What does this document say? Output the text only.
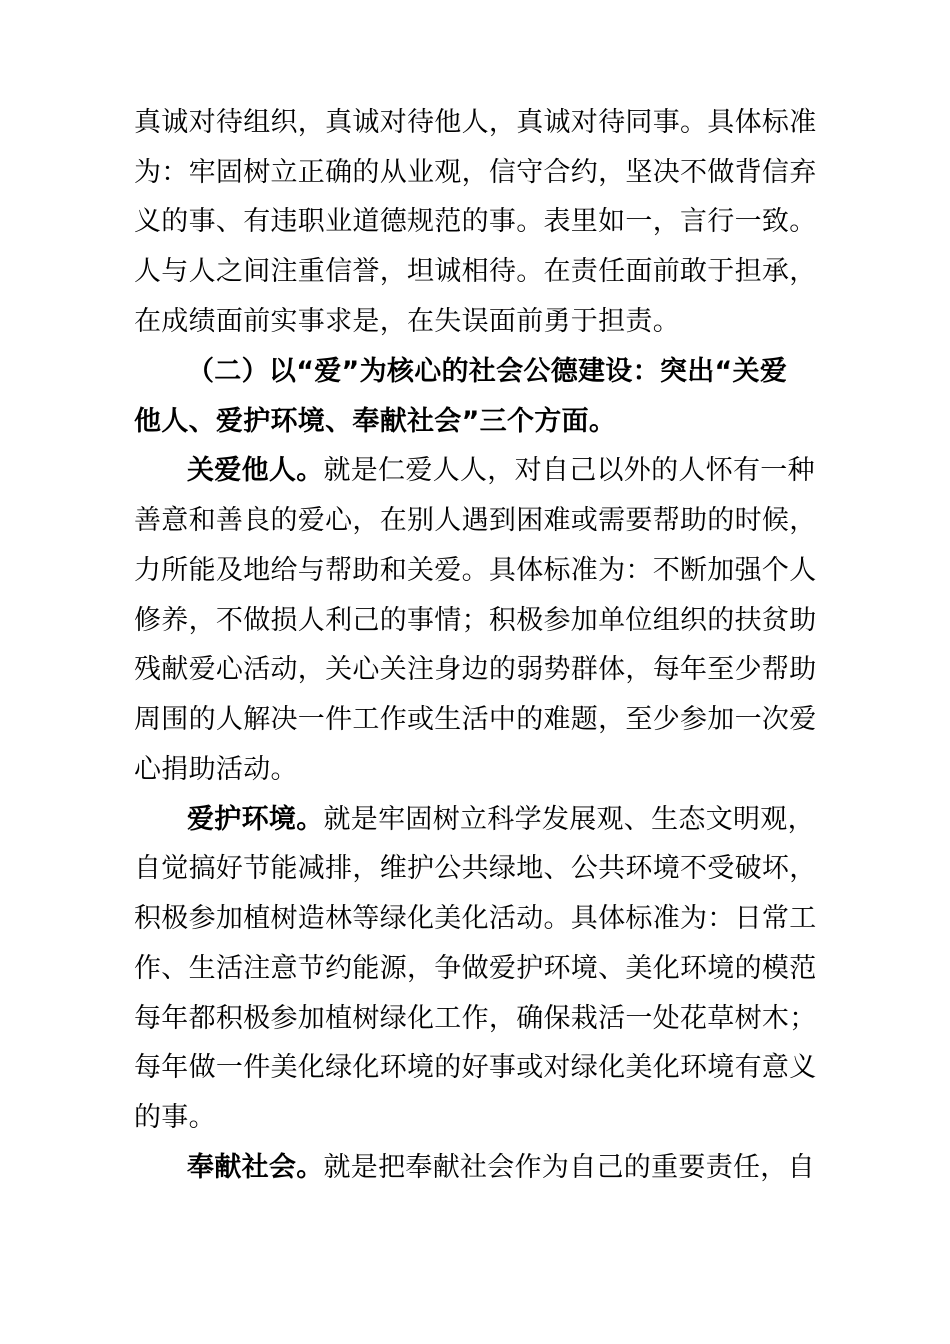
真诚对待组织，真诚对待他人，真诚对待同事。具体标准
为：牢固树立正确的从业观，信守合约，坚决不做背信弃
义的事、有违职业道德规范的事。表里如一，言行一致。
人与人之间注重信誉，坦诚相待。在责任面前敢于担承，
在成绩面前实事求是，在失误面前勇于担责。
（二）以“爱”为核心的社会公德建设：突出“关爱
他人、爱护环境、奉献社会”三个方面。
关爱他人。就是仁爱人人，对自己以外的人怀有一种
善意和善良的爱心，在别人遇到困难或需要帮助的时候，
力所能及地给与帮助和关爱。具体标准为：不断加强个人
修养，不做损人利己的事情；积极参加单位组织的扶贫助
残献爱心活动，关心关注身边的弱势群体，每年至少帮助
周围的人解决一件工作或生活中的难题，至少参加一次爱
心捐助活动。
爱护环境。就是牢固树立科学发展观、生态文明观，
自觉搞好节能减排，维护公共绿地、公共环境不受破坏，
积极参加植树造林等绿化美化活动。具体标准为：日常工
作、生活注意节约能源，争做爱护环境、美化环境的模范
每年都积极参加植树绿化工作，确保栽活一处花草树木；
每年做一件美化绿化环境的好事或对绿化美化环境有意义
的事。
奉献社会。就是把奉献社会作为自己的重要责任，自
